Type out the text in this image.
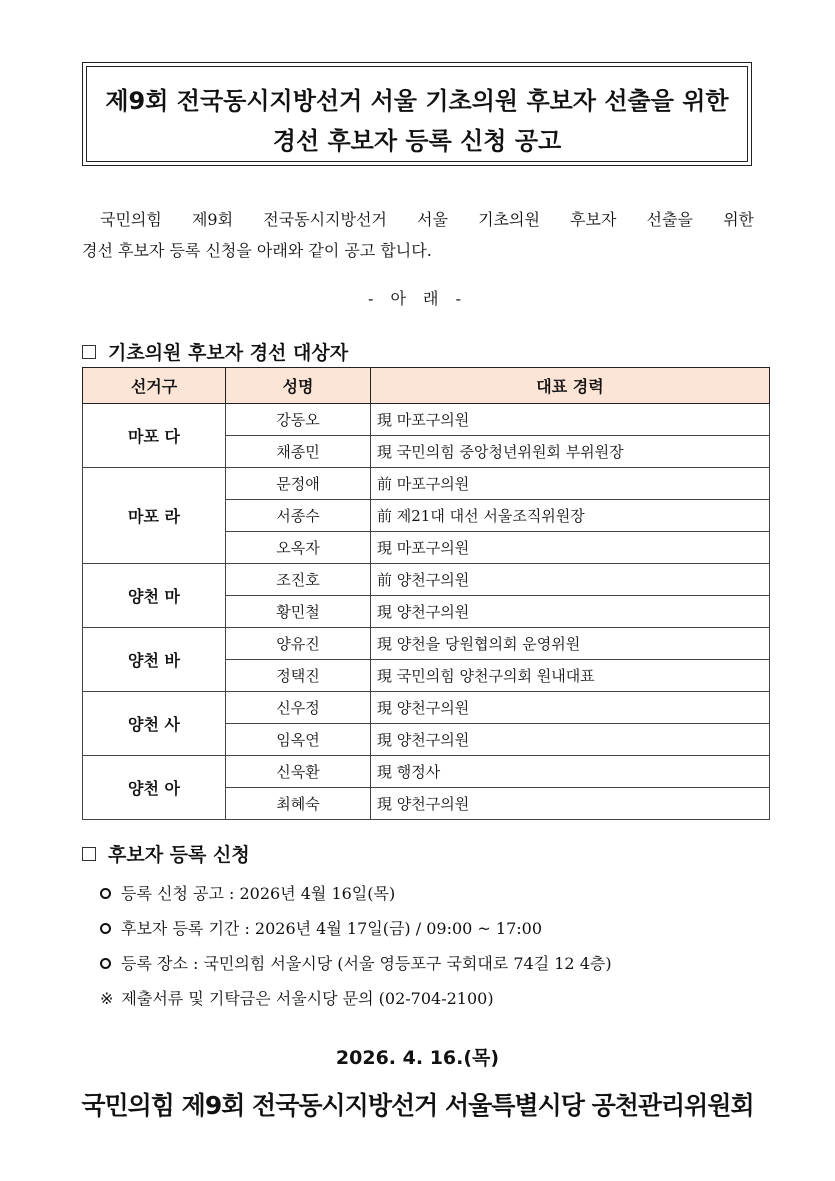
제9회 전국동시지방선거 서울 기초의원 후보자 선출을 위한
경선 후보자 등록 신청 공고

국민의힘 제9회 전국동시지방선거 서울 기초의원 후보자 선출을 위한

경선 후보자 등록 신청을 아래와 같이 공고 합니다.

- 아 래 -
기초의원 후보자 경선 대상자
선거구	성명	대표 경력
마포 다	강동오	現 마포구의원
	채종민	現 국민의힘 중앙청년위원회 부위원장
마포 라	문정애	前 마포구의원
	서종수	前 제21대 대선 서울조직위원장
	오옥자	現 마포구의원
양천 마	조진호	前 양천구의원
	황민철	現 양천구의원
양천 바	양유진	現 양천을 당원협의회 운영위원
	정택진	現 국민의힘 양천구의회 원내대표
양천 사	신우정	現 양천구의원
	임옥연	現 양천구의원
양천 아	신욱환	現 행정사
	최혜숙	現 양천구의원
후보자 등록 신청
등록 신청 공고 : 2026년 4월 16일(목)
후보자 등록 기간 : 2026년 4월 17일(금) / 09:00 ~ 17:00
등록 장소 : 국민의힘 서울시당 (서울 영등포구 국회대로 74길 12 4층)
※ 제출서류 및 기탁금은 서울시당 문의 (02-704-2100)
2026. 4. 16.(목)
국민의힘 제9회 전국동시지방선거 서울특별시당 공천관리위원회
